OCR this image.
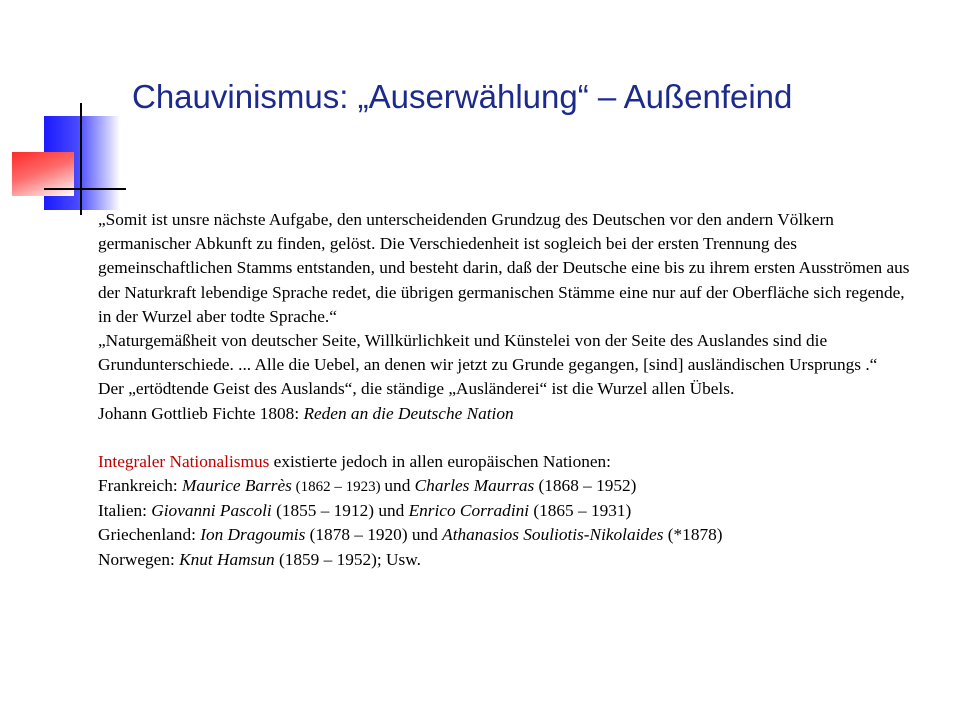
Chauvinismus: „Auserwählung“ – Außenfeind

„Somit ist unsre nächste Aufgabe, den unterscheidenden Grundzug des Deutschen vor den andern Völkern germanischer Abkunft zu finden, gelöst. Die Verschiedenheit ist sogleich bei der ersten Trennung des gemeinschaftlichen Stamms entstanden, und besteht darin, daß der Deutsche eine bis zu ihrem ersten Ausströmen aus der Naturkraft lebendige Sprache redet, die übrigen germanischen Stämme eine nur auf der Oberfläche sich regende, in der Wurzel aber todte Sprache.“

„Naturgemäßheit von deutscher Seite, Willkürlichkeit und Künstelei von der Seite des Auslandes sind die Grundunterschiede. ... Alle die Uebel, an denen wir jetzt zu Grunde gegangen, [sind] ausländischen Ursprungs .“

Der „ertödtende Geist des Auslands“, die ständige „Ausländerei“ ist die Wurzel allen Übels.

Johann Gottlieb Fichte 1808: Reden an die Deutsche Nation

Integraler Nationalismus existierte jedoch in allen europäischen Nationen:

Frankreich: Maurice Barrès (1862 – 1923) und Charles Maurras (1868 – 1952)

Italien: Giovanni Pascoli (1855 – 1912) und Enrico Corradini (1865 – 1931)

Griechenland: Ion Dragoumis (1878 – 1920) und Athanasios Souliotis-Nikolaides (*1878)

Norwegen: Knut Hamsun (1859 – 1952); Usw.
